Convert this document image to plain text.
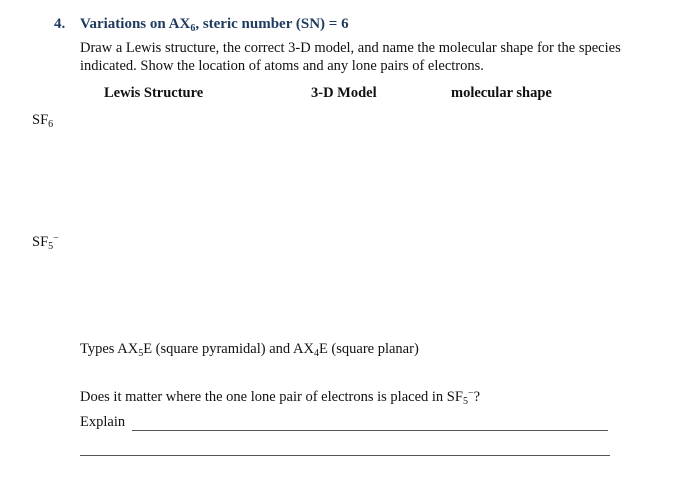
4. Variations on $AX_6$, steric number (SN) = 6
Draw a Lewis structure, the correct 3-D model, and name the molecular shape for the species
indicated. Show the location of atoms and any lone pairs of electrons.
Lewis Structure	3-D Model	molecular shape
$SF_6$
$SF_5^-$
Types $AX_5E$ (square pyramidal) and $AX_4E$ (square planar)
Does it matter where the one lone pair of electrons is placed in $SF_5^-$?
Explain
